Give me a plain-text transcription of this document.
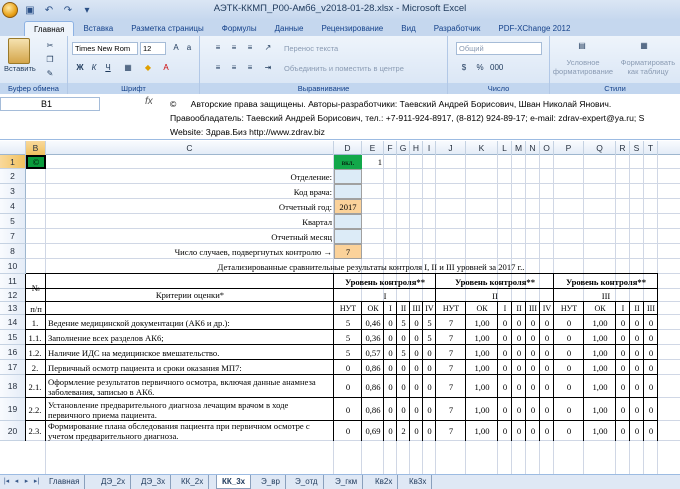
▣ ↶ ↷	▾	АЭТК-ККМП_P00-Амб6_v2018-01-28.xlsx - Microsoft Excel
Главная	Вставка	Разметка страницы	Формулы	Данные	Рецензирование	Вид	Разработчик	PDF-XChange 2012
Вставить
✂
❐
✎
Буфер обмена
Times New Rom	12	A	a
Ж	К	Ч	▦	◆	A
Шрифт
≡	≡	≡	↗	Перенос текста
≡	≡	≡	⇥	Объединить и поместить в центре
Выравнивание
Общий
$	% 000
Число
▤
Условное форматирование
▦
Форматировать как таблицу
Стили
B1	fx ©      Авторские права защищены. Авторы-разработчики: Таевский Андрей Борисович, Шван Николай Янович.
Правообладатель: Таевский Андрей Борисович, тел.: +7-911-924-8917, (8-812) 924-89-17; e-mail: zdrav-expert@ya.ru; S
Website: Здрав.Биз http://www.zdrav.biz
B	C	D	E	F G H	I	J	K	L M N O	P	Q	R S	T
1
2
3
4
5
7
8
10
11
12
13
14
15
16
17
18
19
20
©	вкл.	1
Отделение:
Код врача:
Отчетный год:
Квартал
Отчетный месяц
Число случаев, подвергнутых контролю →
2017
7
Детализированные сравнительные результаты контроля I, II и III уровней за 2017 г..
№
п/п
Критерии оценки*
Уровень контроля**
I
Уровень контроля**
II
Уровень контроля**
III
НУТ	ОК	I	II III IV	НУТ	ОК	I	II III IV	НУТ	ОК	I	II III
1.	Ведение медицинской документации (АК6 и др.):	5	0,46 0	5	0	5	7	1,00	0	0	0	0	0	1,00	0	0	0
1.1. Заполнение всех разделов АК6;	5	0,36 0	0	0	5	7	1,00	0	0	0	0	0	1,00	0	0	0
1.2. Наличие ИДС на медицинское вмешательство.	5	0,57 0	5	0	0	7	1,00	0	0	0	0	0	1,00	0	0	0
2.	Первичный осмотр пациента и сроки оказания МП7:	0	0,86 0	0	0	0	7	1,00	0	0	0	0	0	1,00	0	0	0
2.1. Оформление результатов первичного осмотра, включая данные анамнеза заболевания, записью в АК6.	0	0,86 0	0	0	0	7	1,00	0	0	0	0	0	1,00	0	0	0
2.2. Установление предварительного диагноза лечащим врачом в ходе первичного приема пациента.	0	0,86 0	0	0	0	7	1,00	0	0	0	0	0	1,00	0	0	0
2.3. Формирование плана обследования пациента при первичном осмотре с учетом предварительного диагноза.	0	0,69 0	2	0	0	7	1,00	0	0	0	0	0	1,00	0	0	0
|◂ ◂ ▸ ▸|	Главная	ДЭ_2х	ДЭ_3х	КК_2х	КК_3х	Э_вр	Э_отд	Э_гкм	Кв2х	Кв3х
